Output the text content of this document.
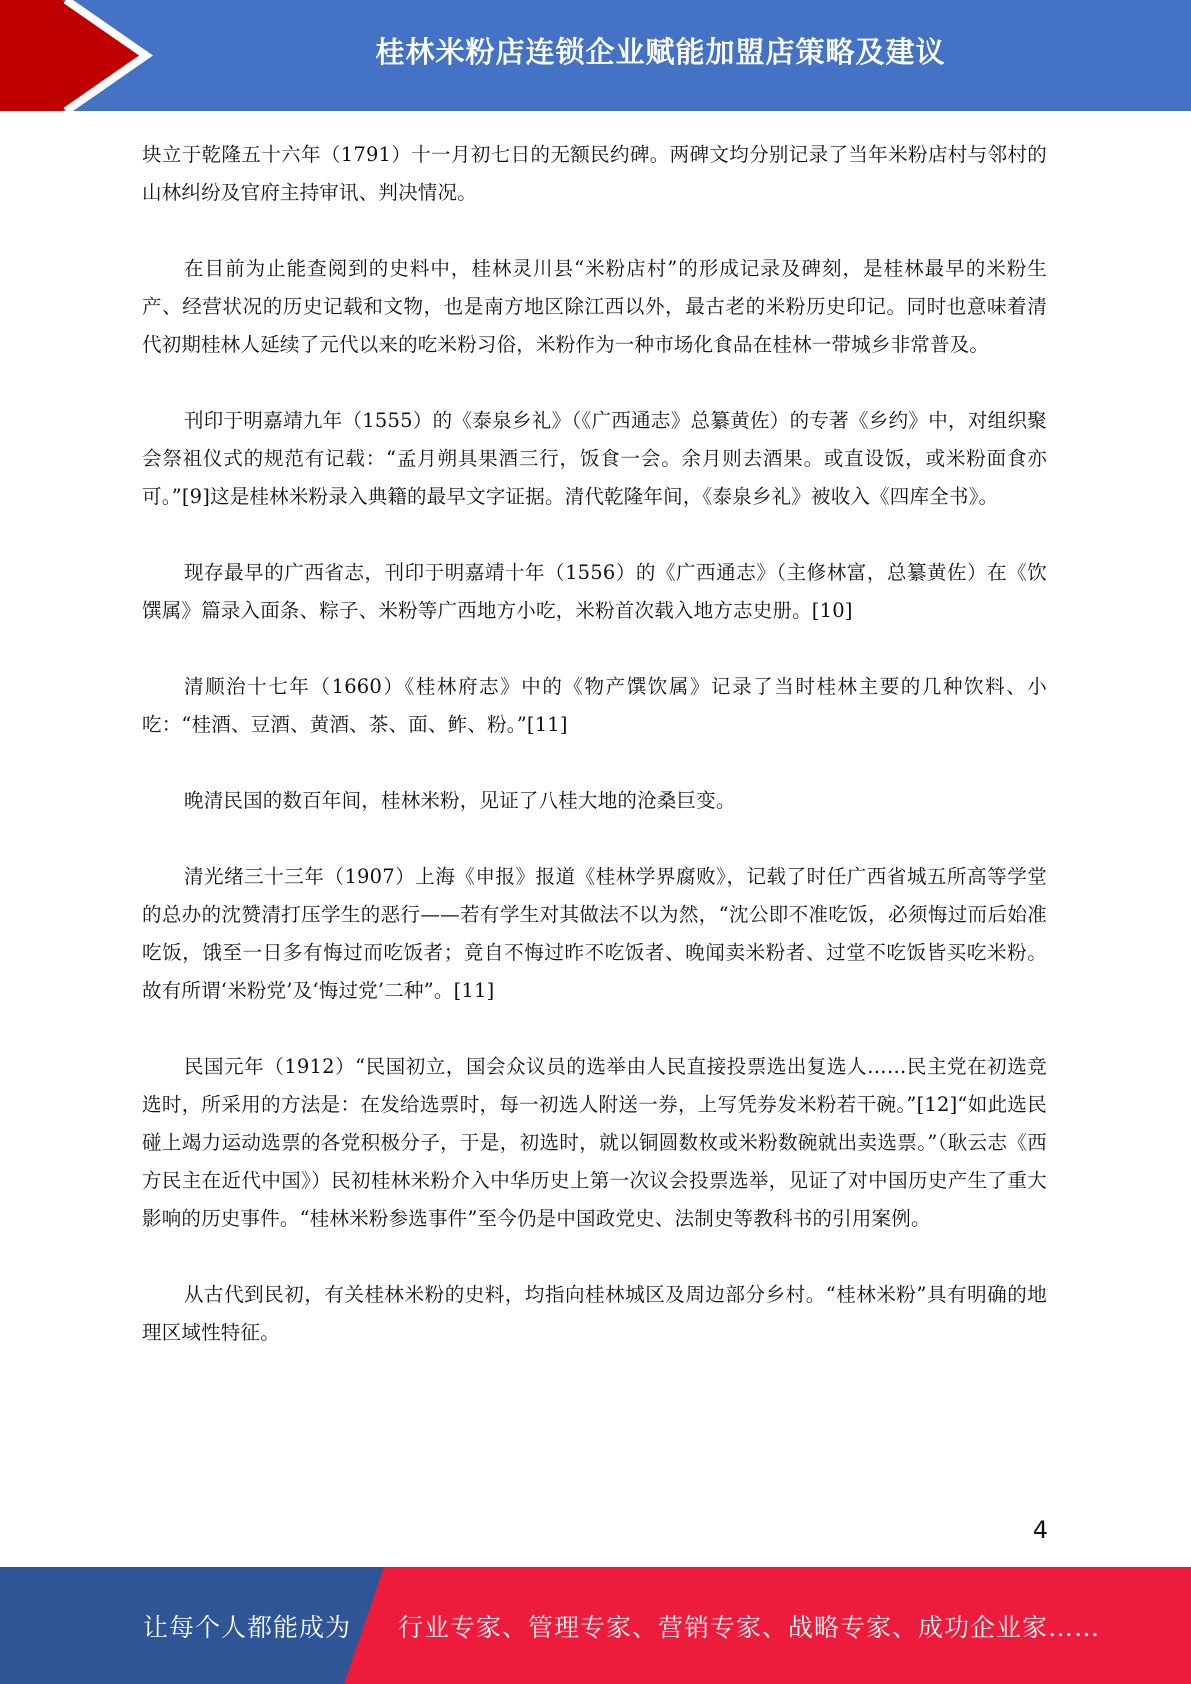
桂林米粉店连锁企业赋能加盟店策略及建议

块立于乾隆五十六年（1791）十一月初七日的无额民约碑。两碑文均分别记录了当年米粉店村与邻村的山林纠纷及官府主持审讯、判决情况。

在目前为止能查阅到的史料中，桂林灵川县“米粉店村”的形成记录及碑刻，是桂林最早的米粉生产、经营状况的历史记载和文物，也是南方地区除江西以外，最古老的米粉历史印记。同时也意味着清代初期桂林人延续了元代以来的吃米粉习俗，米粉作为一种市场化食品在桂林一带城乡非常普及。

刊印于明嘉靖九年（1555）的《泰泉乡礼》（《广西通志》总纂黄佐）的专著《乡约》中，对组织聚会祭祖仪式的规范有记载：“孟月朔具果酒三行，饭食一会。余月则去酒果。或直设饭，或米粉面食亦可。”[9]这是桂林米粉录入典籍的最早文字证据。清代乾隆年间，《泰泉乡礼》被收入《四库全书》。

现存最早的广西省志，刊印于明嘉靖十年（1556）的《广西通志》（主修林富，总纂黄佐）在《饮馔属》篇录入面条、粽子、米粉等广西地方小吃，米粉首次载入地方志史册。[10]

清顺治十七年（1660）《桂林府志》中的《物产馔饮属》记录了当时桂林主要的几种饮料、小吃：“桂酒、豆酒、黄酒、茶、面、鲊、粉。”[11]

晚清民国的数百年间，桂林米粉，见证了八桂大地的沧桑巨变。

清光绪三十三年（1907）上海《申报》报道《桂林学界腐败》，记载了时任广西省城五所高等学堂的总办的沈赞清打压学生的恶行——若有学生对其做法不以为然，“沈公即不准吃饭，必须悔过而后始准吃饭，饿至一日多有悔过而吃饭者；竟自不悔过昨不吃饭者、晚闻卖米粉者、过堂不吃饭皆买吃米粉。故有所谓‘米粉党’及‘悔过党’二种”。[11]

民国元年（1912）“民国初立，国会众议员的选举由人民直接投票选出复选人……民主党在初选竞选时，所采用的方法是：在发给选票时，每一初选人附送一券，上写凭券发米粉若干碗。”[12]“如此选民碰上竭力运动选票的各党积极分子，于是，初选时，就以铜圆数枚或米粉数碗就出卖选票。”（耿云志《西方民主在近代中国》）民初桂林米粉介入中华历史上第一次议会投票选举，见证了对中国历史产生了重大影响的历史事件。“桂林米粉参选事件”至今仍是中国政党史、法制史等教科书的引用案例。

从古代到民初，有关桂林米粉的史料，均指向桂林城区及周边部分乡村。“桂林米粉”具有明确的地理区域性特征。

4
让每个人都能成为 行业专家、管理专家、营销专家、战略专家、成功企业家……
